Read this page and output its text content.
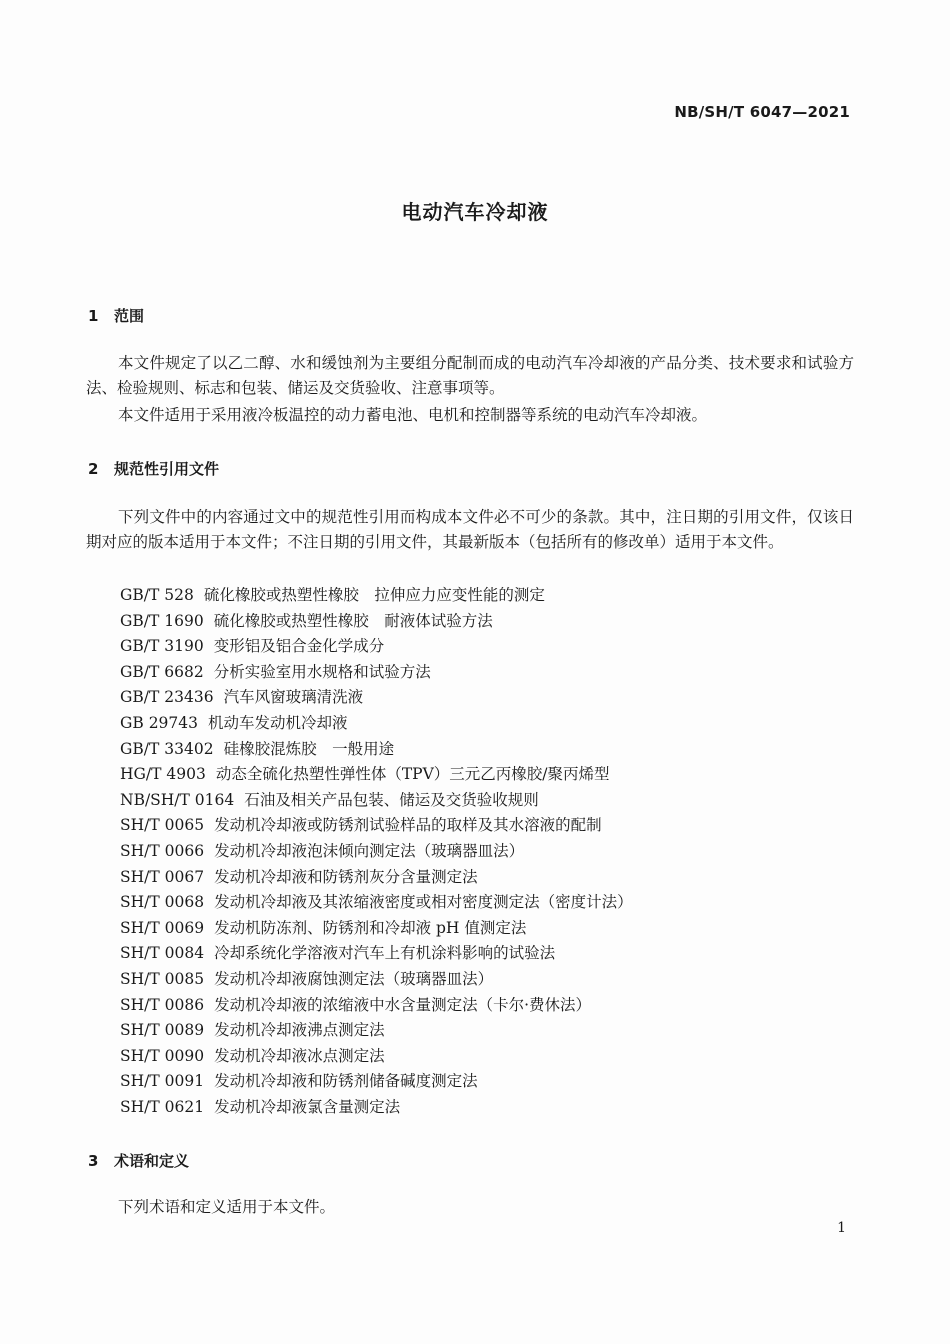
NB/SH/T 6047—2021
电动汽车冷却液
1 范围

本文件规定了以乙二醇、水和缓蚀剂为主要组分配制而成的电动汽车冷却液的产品分类、技术要求和试验方法、检验规则、标志和包装、储运及交货验收、注意事项等。

本文件适用于采用液冷板温控的动力蓄电池、电机和控制器等系统的电动汽车冷却液。

2 规范性引用文件

下列文件中的内容通过文中的规范性引用而构成本文件必不可少的条款。其中，注日期的引用文件，仅该日期对应的版本适用于本文件；不注日期的引用文件，其最新版本（包括所有的修改单）适用于本文件。

GB/T 528 硫化橡胶或热塑性橡胶　拉伸应力应变性能的测定
GB/T 1690 硫化橡胶或热塑性橡胶　耐液体试验方法
GB/T 3190 变形铝及铝合金化学成分
GB/T 6682 分析实验室用水规格和试验方法
GB/T 23436 汽车风窗玻璃清洗液
GB 29743 机动车发动机冷却液
GB/T 33402 硅橡胶混炼胶　一般用途
HG/T 4903 动态全硫化热塑性弹性体（TPV）三元乙丙橡胶/聚丙烯型
NB/SH/T 0164 石油及相关产品包装、储运及交货验收规则
SH/T 0065 发动机冷却液或防锈剂试验样品的取样及其水溶液的配制
SH/T 0066 发动机冷却液泡沫倾向测定法（玻璃器皿法）
SH/T 0067 发动机冷却液和防锈剂灰分含量测定法
SH/T 0068 发动机冷却液及其浓缩液密度或相对密度测定法（密度计法）
SH/T 0069 发动机防冻剂、防锈剂和冷却液 pH 值测定法
SH/T 0084 冷却系统化学溶液对汽车上有机涂料影响的试验法
SH/T 0085 发动机冷却液腐蚀测定法（玻璃器皿法）
SH/T 0086 发动机冷却液的浓缩液中水含量测定法（卡尔·费休法）
SH/T 0089 发动机冷却液沸点测定法
SH/T 0090 发动机冷却液冰点测定法
SH/T 0091 发动机冷却液和防锈剂储备碱度测定法
SH/T 0621 发动机冷却液氯含量测定法
3 术语和定义

下列术语和定义适用于本文件。

1
